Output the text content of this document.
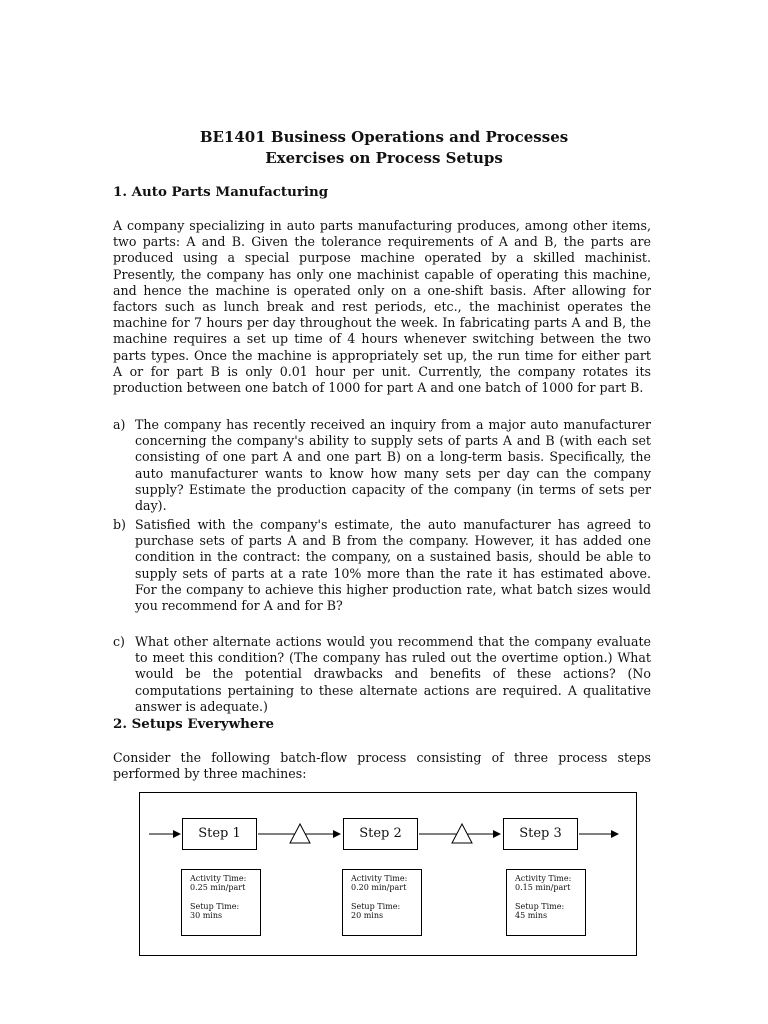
BE1401 Business Operations and Processes
Exercises on Process Setups
1. Auto Parts Manufacturing

A company specializing in auto parts manufacturing produces, among other items, two parts: A and B. Given the tolerance requirements of A and B, the parts are produced using a special purpose machine operated by a skilled machinist. Presently, the company has only one machinist capable of operating this machine, and hence the machine is operated only on a one-shift basis. After allowing for factors such as lunch break and rest periods, etc., the machinist operates the machine for 7 hours per day throughout the week. In fabricating parts A and B, the machine requires a set up time of 4 hours whenever switching between the two parts types. Once the machine is appropriately set up, the run time for either part A or for part B is only 0.01 hour per unit. Currently, the company rotates its production between one batch of 1000 for part A and one batch of 1000 for part B.

a) The company has recently received an inquiry from a major auto manufacturer concerning the company's ability to supply sets of parts A and B (with each set consisting of one part A and one part B) on a long-term basis. Specifically, the auto manufacturer wants to know how many sets per day can the company supply? Estimate the production capacity of the company (in terms of sets per day).
b) Satisfied with the company's estimate, the auto manufacturer has agreed to purchase sets of parts A and B from the company. However, it has added one condition in the contract: the company, on a sustained basis, should be able to supply sets of parts at a rate 10% more than the rate it has estimated above. For the company to achieve this higher production rate, what batch sizes would you recommend for A and for B?
c) What other alternate actions would you recommend that the company evaluate to meet this condition? (The company has ruled out the overtime option.) What would be the potential drawbacks and benefits of these actions? (No computations pertaining to these alternate actions are required. A qualitative answer is adequate.)
2. Setups Everywhere

Consider the following batch-flow process consisting of three process steps performed by three machines:

Step 1	Step 2	Step 3
Activity Time:
0.25 min/part
Setup Time:
30 mins
Activity Time:
0.20 min/part
Setup Time:
20 mins
Activity Time:
0.15 min/part
Setup Time:
45 mins
